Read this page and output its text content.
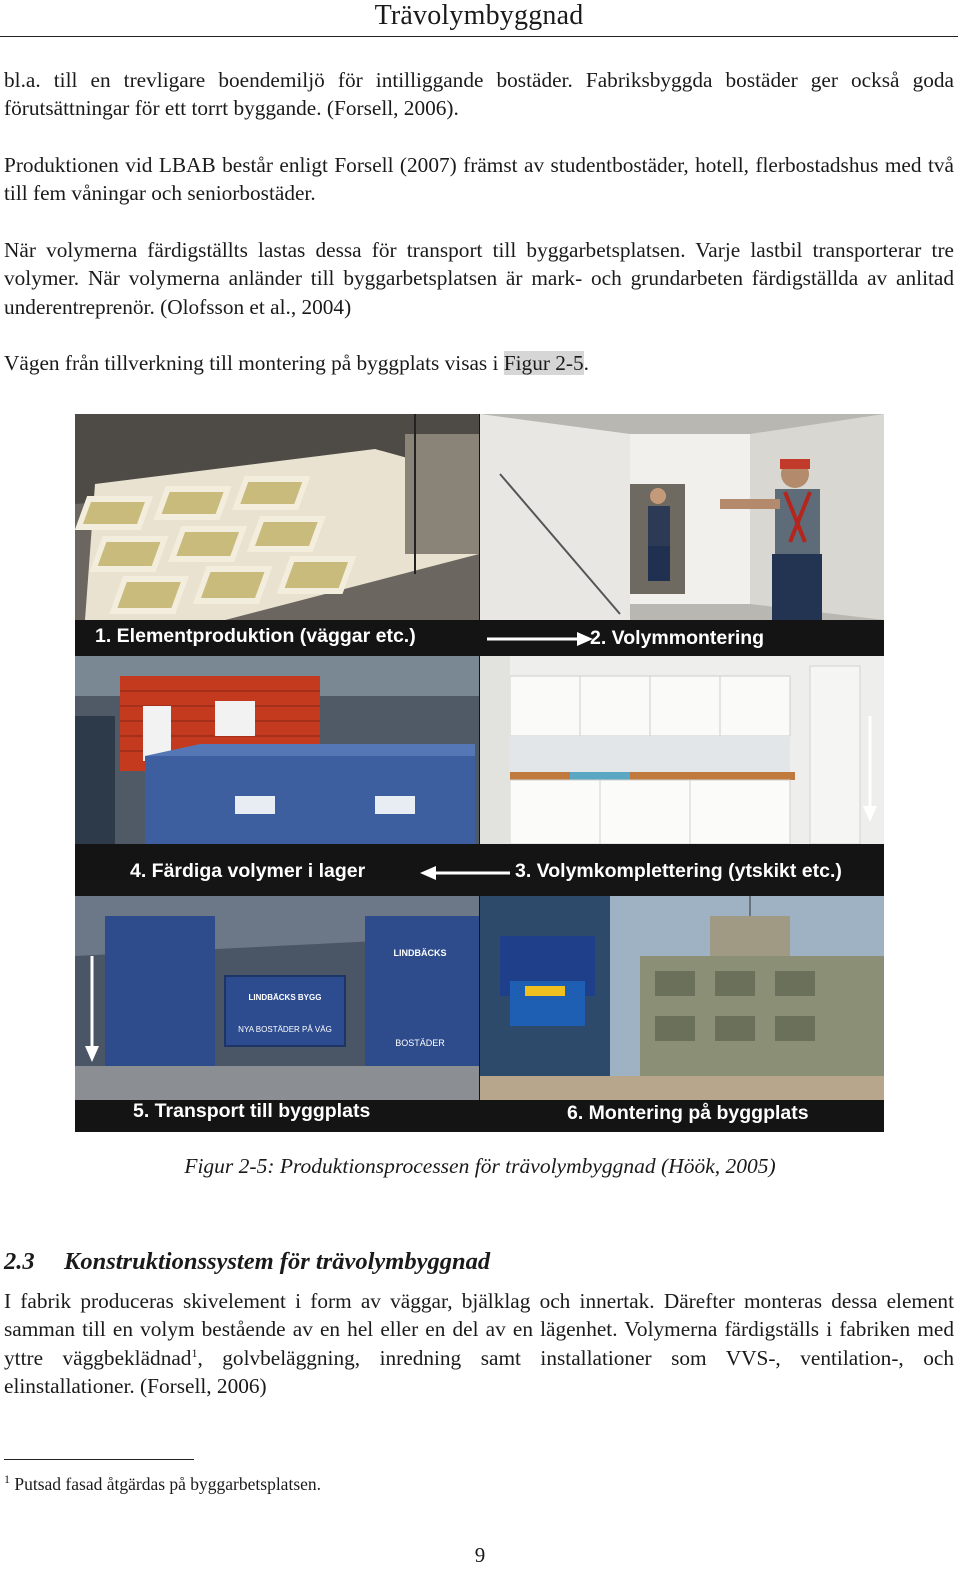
Trävolymbyggnad

bl.a. till en trevligare boendemiljö för intilliggande bostäder. Fabriksbyggda bostäder ger också goda förutsättningar för ett torrt byggande. (Forsell, 2006).

Produktionen vid LBAB består enligt Forsell (2007) främst av studentbostäder, hotell, flerbostadshus med två till fem våningar och seniorbostäder.

När volymerna färdigställts lastas dessa för transport till byggarbetsplatsen. Varje lastbil transporterar tre volymer. När volymerna anländer till byggarbetsplatsen är mark- och grundarbeten färdigställda av anlitad underentreprenör. (Olofsson et al., 2004)

Vägen från tillverkning till montering på byggplats visas i Figur 2-5.

1. Elementproduktion (väggar etc.)	2. Volymmontering
4. Färdiga volymer i lager	3. Volymkomplettering (ytskikt etc.)
LINDBÄCKS BYGG
NYA BOSTÄDER PÅ VÄG
LINDBÄCKS
BOSTÄDER
5. Transport till byggplats	6. Montering på byggplats
Figur 2-5: Produktionsprocessen för trävolymbyggnad (Höök, 2005)
2.3 Konstruktionssystem för trävolymbyggnad

I fabrik produceras skivelement i form av väggar, bjälklag och innertak. Därefter monteras dessa element samman till en volym bestående av en hel eller en del av en lägenhet. Volymerna färdigställs i fabriken med yttre väggbeklädnad$^1$, golvbeläggning, inredning samt installationer som VVS-, ventilation-, och elinstallationer. (Forsell, 2006)

$^1$ Putsad fasad åtgärdas på byggarbetsplatsen.
9
